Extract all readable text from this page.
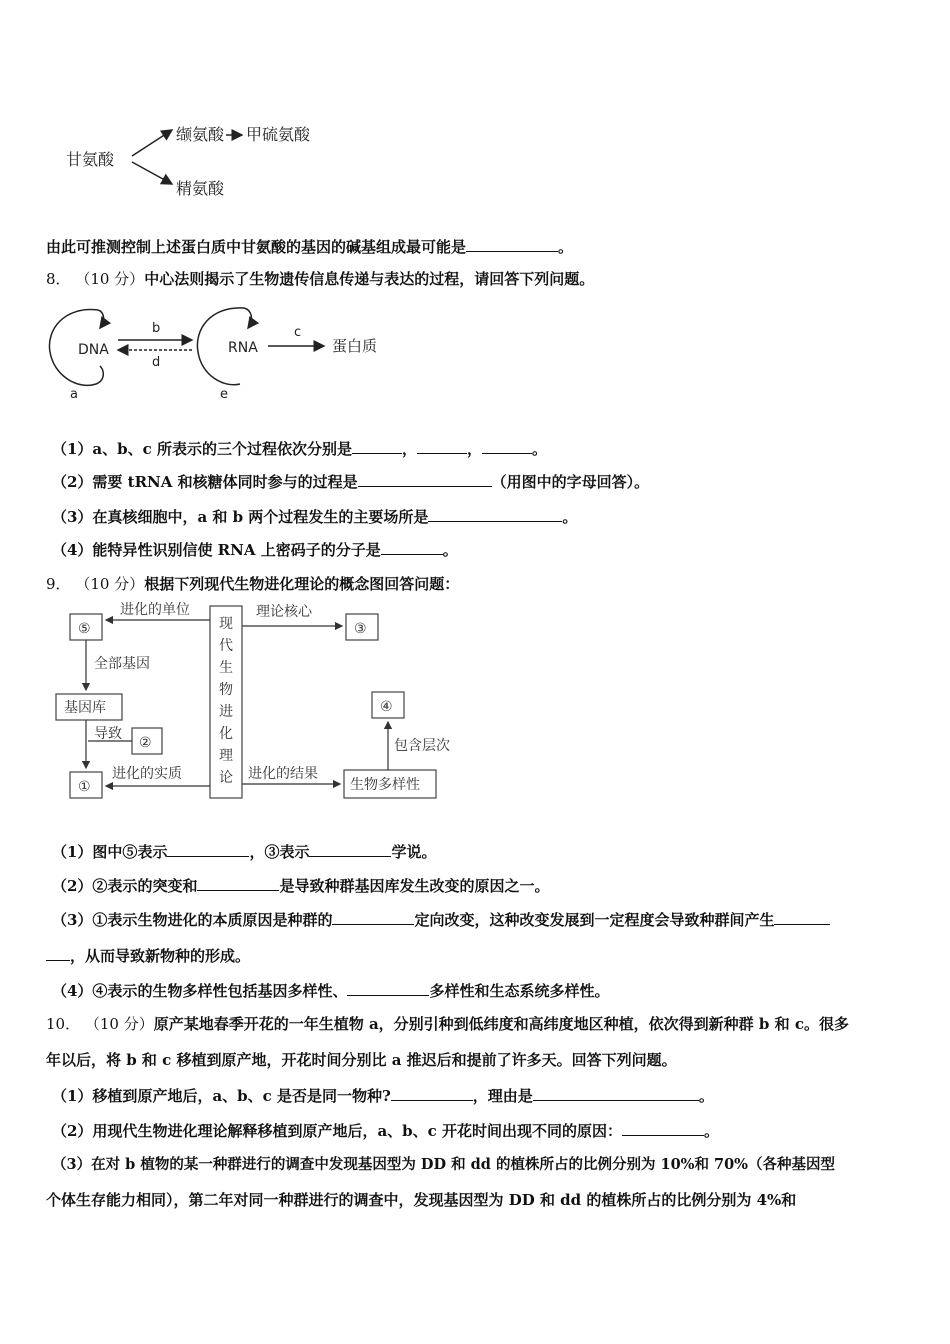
甘氨酸
缬氨酸 甲硫氨酸
精氨酸
由此可推测控制上述蛋白质中甘氨酸的基因的碱基组成最可能是	。
8． （10 分）中心法则揭示了生物遗传信息传递与表达的过程，请回答下列问题。
DNA
a
b
d
RNA
e
c
蛋白质
（1）a、b、c 所表示的三个过程依次分别是	，	，	。
（2）需要 tRNA 和核糖体同时参与的过程是	（用图中的字母回答）。
（3）在真核细胞中，a 和 b 两个过程发生的主要场所是	。
（4）能特异性识别信使 RNA 上密码子的分子是	。
9． （10 分）根据下列现代生物进化理论的概念图回答问题：
⑤	③
④
②
①
基因库
生物多样性
进化的单位	理论核心
全部基因
导致
进化的实质	进化的结果
包含层次
现
代
生
物
进
化
理
论
（1）图中⑤表示	，③表示	学说。
（2）②表示的突变和	是导致种群基因库发生改变的原因之一。
（3）①表示生物进化的本质原因是种群的	定向改变，这种改变发展到一定程度会导致种群间产生
，从而导致新物种的形成。
（4）④表示的生物多样性包括基因多样性、	多样性和生态系统多样性。
10． （10 分）原产某地春季开花的一年生植物 a，分别引种到低纬度和高纬度地区种植，依次得到新种群 b 和 c。很多
年以后，将 b 和 c 移植到原产地，开花时间分别比 a 推迟后和提前了许多天。回答下列问题。
（1）移植到原产地后，a、b、c 是否是同一物种?	，理由是	。
（2）用现代生物进化理论解释移植到原产地后，a、b、c 开花时间出现不同的原因：	。
（3）在对 b 植物的某一种群进行的调查中发现基因型为 DD 和 dd 的植株所占的比例分别为 10%和 70%（各种基因型
个体生存能力相同），第二年对同一种群进行的调查中，发现基因型为 DD 和 dd 的植株所占的比例分别为 4%和
